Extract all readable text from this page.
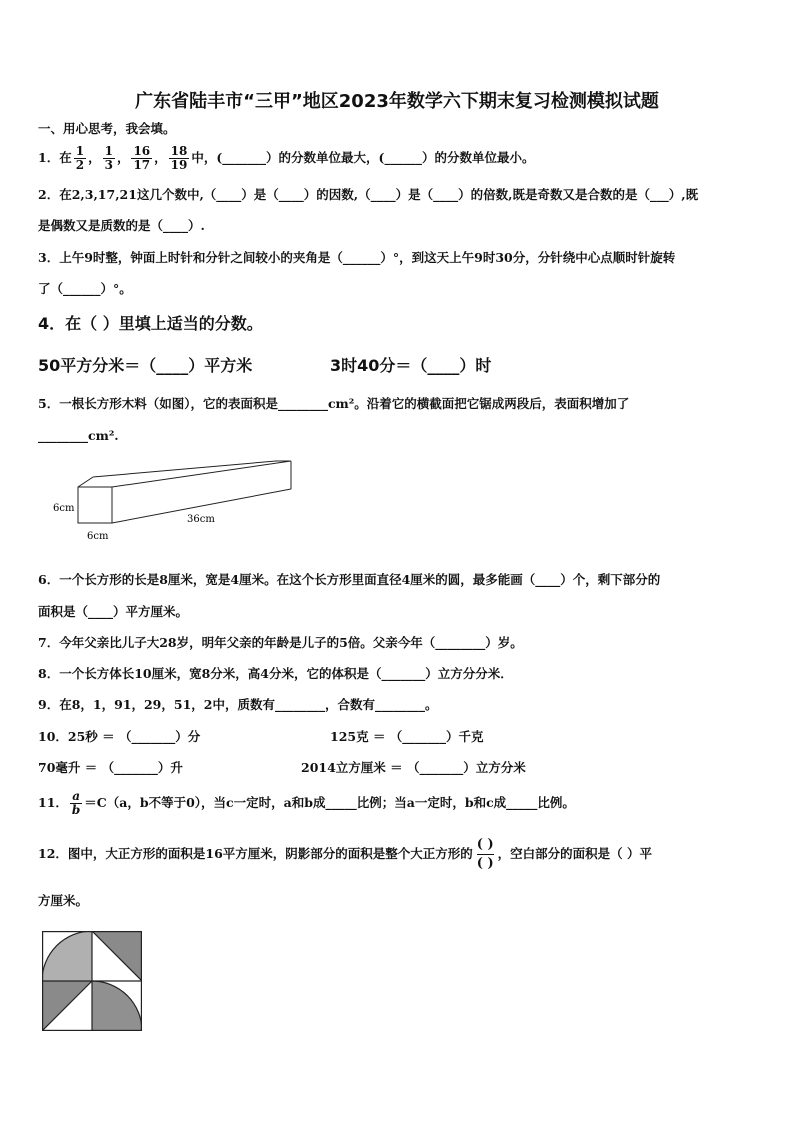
广东省陆丰市“三甲”地区2023年数学六下期末复习检测模拟试题
一、用心思考，我会填。
1．在 $\frac{1}{2}$ ， $\frac{1}{3}$ ， $\frac{16}{17}$ ， $\frac{18}{19}$ 中，(_______）的分数单位最大，(______）的分数单位最小。
2．在2,3,17,21这几个数中,（____）是（____）的因数,（____）是（____）的倍数,既是奇数又是合数的是（___）,既
是偶数又是质数的是（____）.
3．上午9时整，钟面上时针和分针之间较小的夹角是（______）°，到这天上午9时30分，分针绕中心点顺时针旋转
了（______）°。
4．在（ ）里填上适当的分数。
50平方分米＝（____）平方米	3时40分＝（____）时
5．一根长方形木料（如图），它的表面积是________cm²。沿着它的横截面把它锯成两段后，表面积增加了
________cm².
6cm
6cm
36cm
6．一个长方形的长是8厘米，宽是4厘米。在这个长方形里面直径4厘米的圆，最多能画（____）个，剩下部分的
面积是（____）平方厘米。
7．今年父亲比儿子大28岁，明年父亲的年龄是儿子的5倍。父亲今年（________）岁。
8．一个长方体长10厘米，宽8分米，高4分米，它的体积是（_______）立方分分米．
9．在8，1，91，29，51，2中，质数有________，合数有________。
10．25秒 ＝ （_______）分	125克 ＝ （_______）千克
70毫升 ＝ （_______）升	2014立方厘米 ＝ （_______）立方分米
11． $\frac{a}{b} =C(a$，b不等于0），当c一定时，a和b成_____比例；当a一定时，b和c成_____比例。
12．图中，大正方形的面积是16平方厘米，阴影部分的面积是整个大正方形的 $\frac{( )}{( )}$ ，空白部分的面积是（ ）平
方厘米。
